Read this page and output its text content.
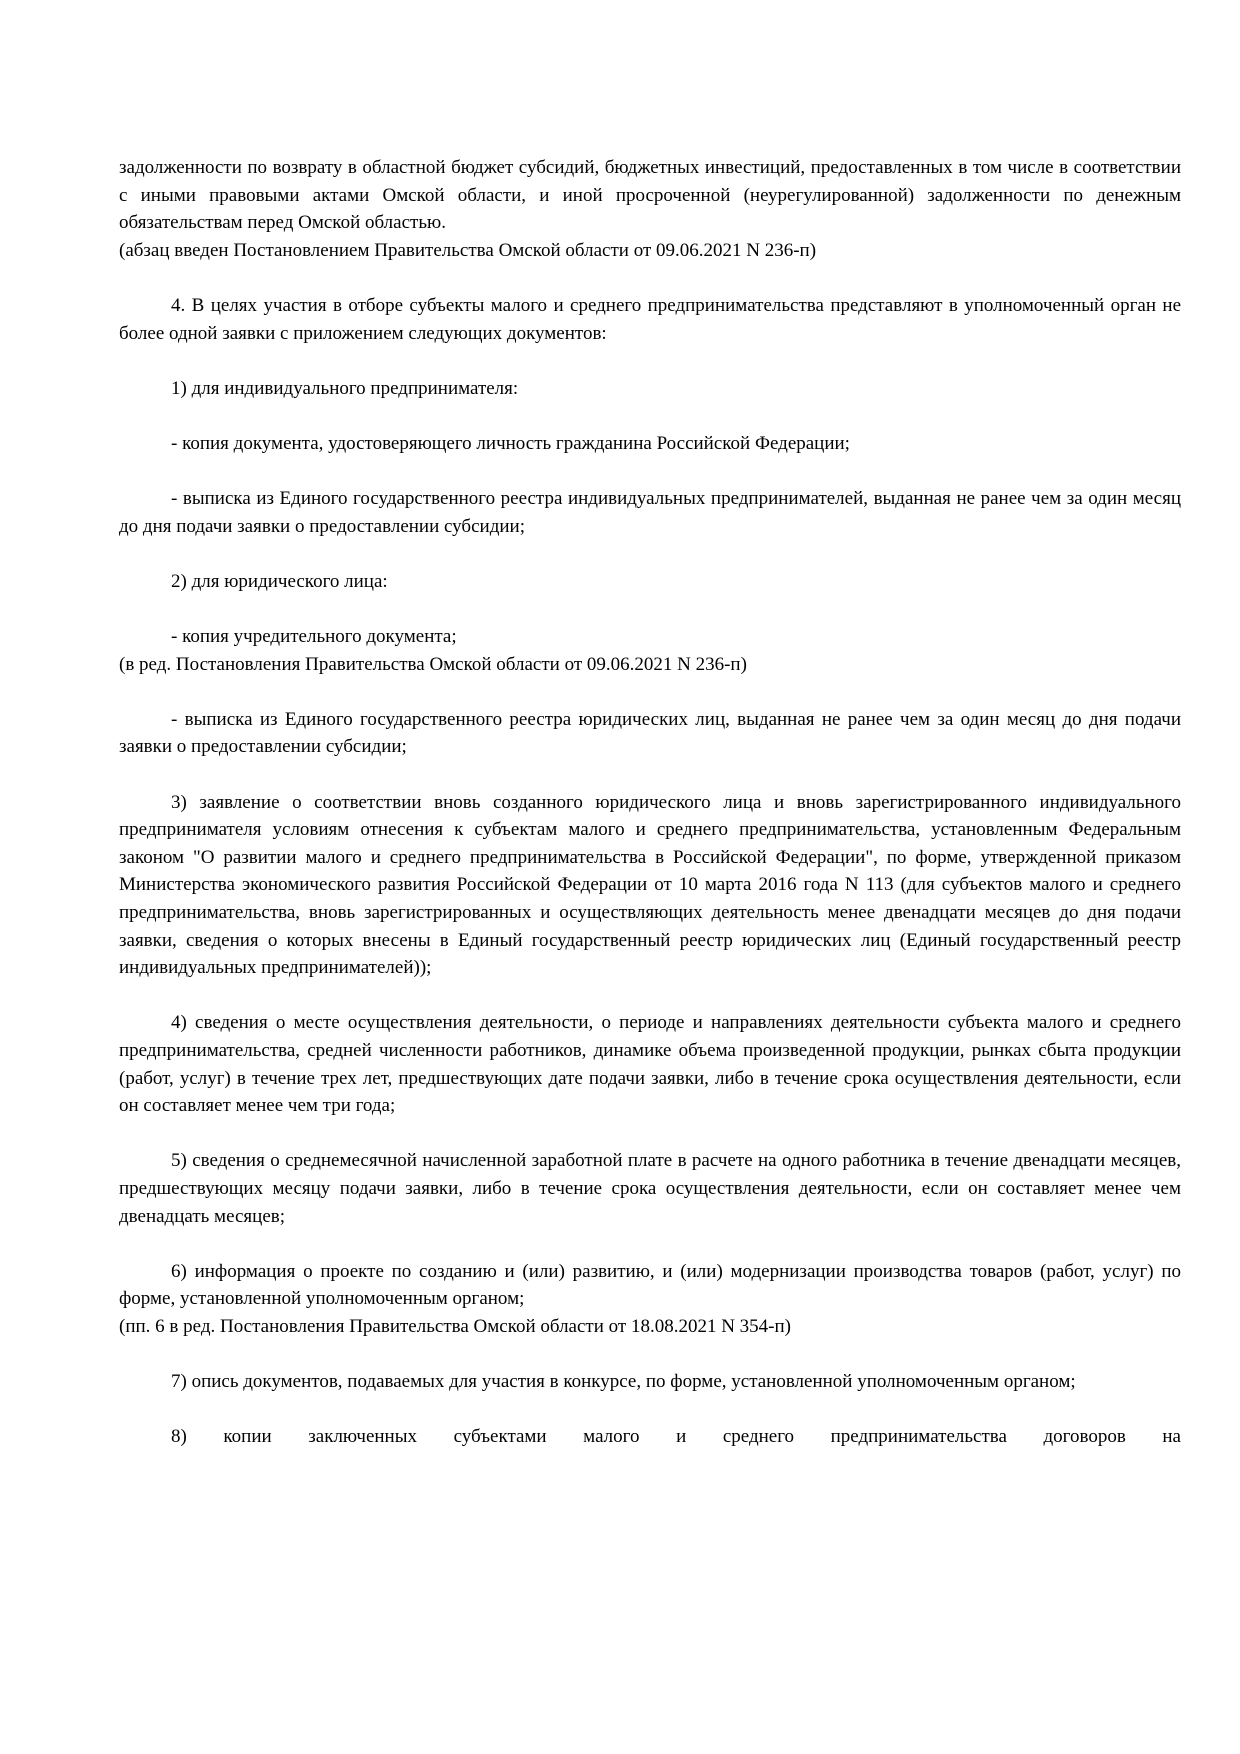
задолженности по возврату в областной бюджет субсидий, бюджетных инвестиций, предоставленных в том числе в соответствии с иными правовыми актами Омской области, и иной просроченной (неурегулированной) задолженности по денежным обязательствам перед Омской областью.

(абзац введен Постановлением Правительства Омской области от 09.06.2021 N 236-п)

4. В целях участия в отборе субъекты малого и среднего предпринимательства представляют в уполномоченный орган не более одной заявки с приложением следующих документов:

1) для индивидуального предпринимателя:

- копия документа, удостоверяющего личность гражданина Российской Федерации;

- выписка из Единого государственного реестра индивидуальных предпринимателей, выданная не ранее чем за один месяц до дня подачи заявки о предоставлении субсидии;

2) для юридического лица:

- копия учредительного документа;

(в ред. Постановления Правительства Омской области от 09.06.2021 N 236-п)

- выписка из Единого государственного реестра юридических лиц, выданная не ранее чем за один месяц до дня подачи заявки о предоставлении субсидии;

3) заявление о соответствии вновь созданного юридического лица и вновь зарегистрированного индивидуального предпринимателя условиям отнесения к субъектам малого и среднего предпринимательства, установленным Федеральным законом "О развитии малого и среднего предпринимательства в Российской Федерации", по форме, утвержденной приказом Министерства экономического развития Российской Федерации от 10 марта 2016 года N 113 (для субъектов малого и среднего предпринимательства, вновь зарегистрированных и осуществляющих деятельность менее двенадцати месяцев до дня подачи заявки, сведения о которых внесены в Единый государственный реестр юридических лиц (Единый государственный реестр индивидуальных предпринимателей));

4) сведения о месте осуществления деятельности, о периоде и направлениях деятельности субъекта малого и среднего предпринимательства, средней численности работников, динамике объема произведенной продукции, рынках сбыта продукции (работ, услуг) в течение трех лет, предшествующих дате подачи заявки, либо в течение срока осуществления деятельности, если он составляет менее чем три года;

5) сведения о среднемесячной начисленной заработной плате в расчете на одного работника в течение двенадцати месяцев, предшествующих месяцу подачи заявки, либо в течение срока осуществления деятельности, если он составляет менее чем двенадцать месяцев;

6) информация о проекте по созданию и (или) развитию, и (или) модернизации производства товаров (работ, услуг) по форме, установленной уполномоченным органом;

(пп. 6 в ред. Постановления Правительства Омской области от 18.08.2021 N 354-п)

7) опись документов, подаваемых для участия в конкурсе, по форме, установленной уполномоченным органом;

8) копии заключенных субъектами малого и среднего предпринимательства договоров на
